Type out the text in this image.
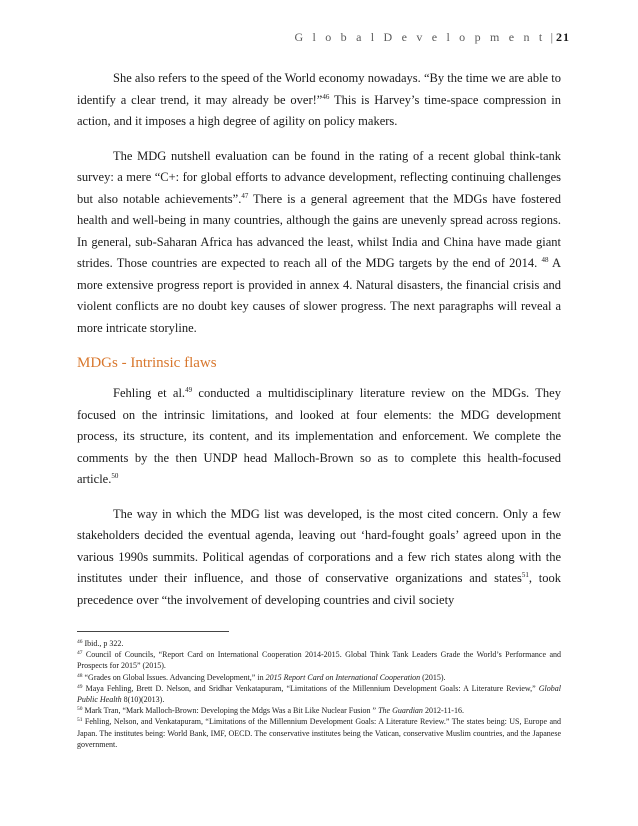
G l o b a l D e v e l o p m e n t | 21

She also refers to the speed of the World economy nowadays. “By the time we are able to identify a clear trend, it may already be over!”$^{46}$ This is Harvey’s time-space compression in action, and it imposes a high degree of agility on policy makers.

The MDG nutshell evaluation can be found in the rating of a recent global think-tank survey: a mere “C+: for global efforts to advance development, reflecting continuing challenges but also notable achievements”.$^{47}$ There is a general agreement that the MDGs have fostered health and well-being in many countries, although the gains are unevenly spread across regions. In general, sub-Saharan Africa has advanced the least, whilst India and China have made giant strides. Those countries are expected to reach all of the MDG targets by the end of 2014. $^{48}$ A more extensive progress report is provided in annex 4. Natural disasters, the financial crisis and violent conflicts are no doubt key causes of slower progress. The next paragraphs will reveal a more intricate storyline.

MDGs - Intrinsic flaws

Fehling et al.$^{49}$ conducted a multidisciplinary literature review on the MDGs. They focused on the intrinsic limitations, and looked at four elements: the MDG development process, its structure, its content, and its implementation and enforcement. We complete the comments by the then UNDP head Malloch-Brown so as to complete this health-focused article.$^{50}$

The way in which the MDG list was developed, is the most cited concern. Only a few stakeholders decided the eventual agenda, leaving out ‘hard-fought goals’ agreed upon in the various 1990s summits. Political agendas of corporations and a few rich states along with the institutes under their influence, and those of conservative organizations and states$^{51}$, took precedence over “the involvement of developing countries and civil society

$^{46}$ Ibid., p 322.

$^{47}$ Council of Councils, “Report Card on International Cooperation 2014-2015. Global Think Tank Leaders Grade the World’s Performance and Prospects for 2015” (2015).

$^{48}$ “Grades on Global Issues. Advancing Development,” in 2015 Report Card on International Cooperation (2015).

$^{49}$ Maya Fehling, Brett D. Nelson, and Sridhar Venkatapuram, “Limitations of the Millennium Development Goals: A Literature Review,” Global Public Health 8(10)(2013).

$^{50}$ Mark Tran, “Mark Malloch-Brown: Developing the Mdgs Was a Bit Like Nuclear Fusion ” The Guardian 2012-11-16.

$^{51}$ Fehling, Nelson, and Venkatapuram, “Limitations of the Millennium Development Goals: A Literature Review.” The states being: US, Europe and Japan. The institutes being: World Bank, IMF, OECD. The conservative institutes being the Vatican, conservative Muslim countries, and the Japanese government.
